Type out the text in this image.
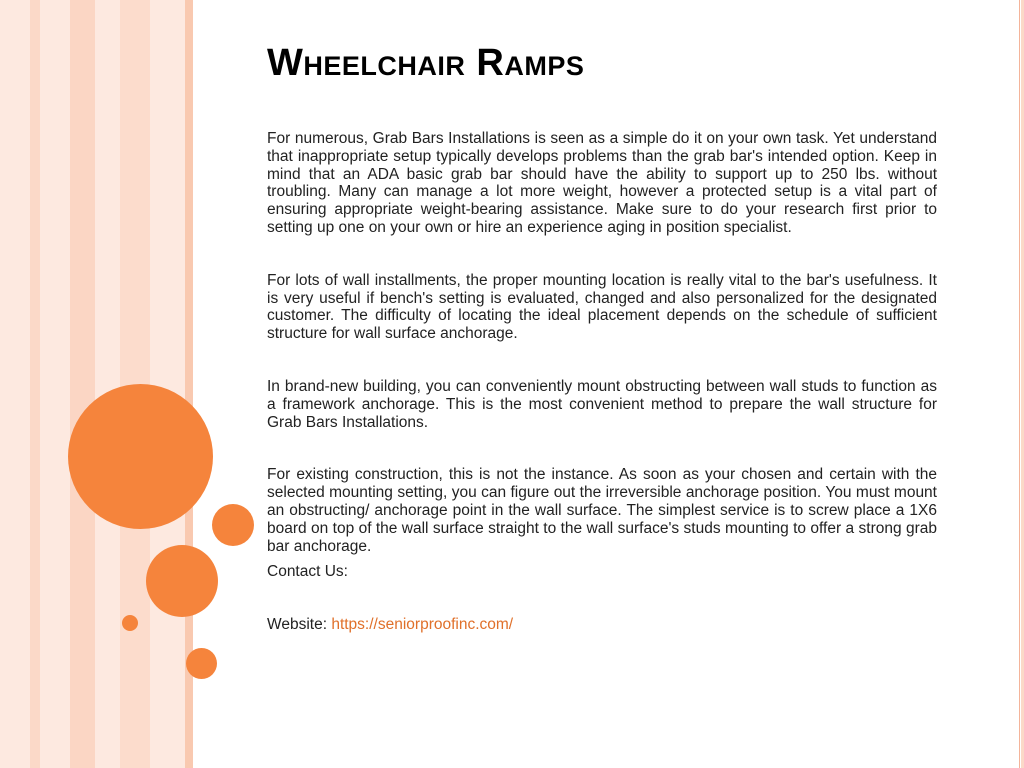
Wheelchair Ramps

For numerous, Grab Bars Installations is seen as a simple do it on your own task. Yet understand that inappropriate setup typically develops problems than the grab bar's intended option. Keep in mind that an ADA basic grab bar should have the ability to support up to 250 lbs. without troubling. Many can manage a lot more weight, however a protected setup is a vital part of ensuring appropriate weight-bearing assistance. Make sure to do your research first prior to setting up one on your own or hire an experience aging in position specialist.

For lots of wall installments, the proper mounting location is really vital to the bar's usefulness. It is very useful if bench's setting is evaluated, changed and also personalized for the designated customer. The difficulty of locating the ideal placement depends on the schedule of sufficient structure for wall surface anchorage.

In brand-new building, you can conveniently mount obstructing between wall studs to function as a framework anchorage. This is the most convenient method to prepare the wall structure for Grab Bars Installations.

For existing construction, this is not the instance. As soon as your chosen and certain with the selected mounting setting, you can figure out the irreversible anchorage position. You must mount an obstructing/ anchorage point in the wall surface. The simplest service is to screw place a 1X6 board on top of the wall surface straight to the wall surface's studs mounting to offer a strong grab bar anchorage.

Contact Us:

Website: https://seniorproofinc.com/
